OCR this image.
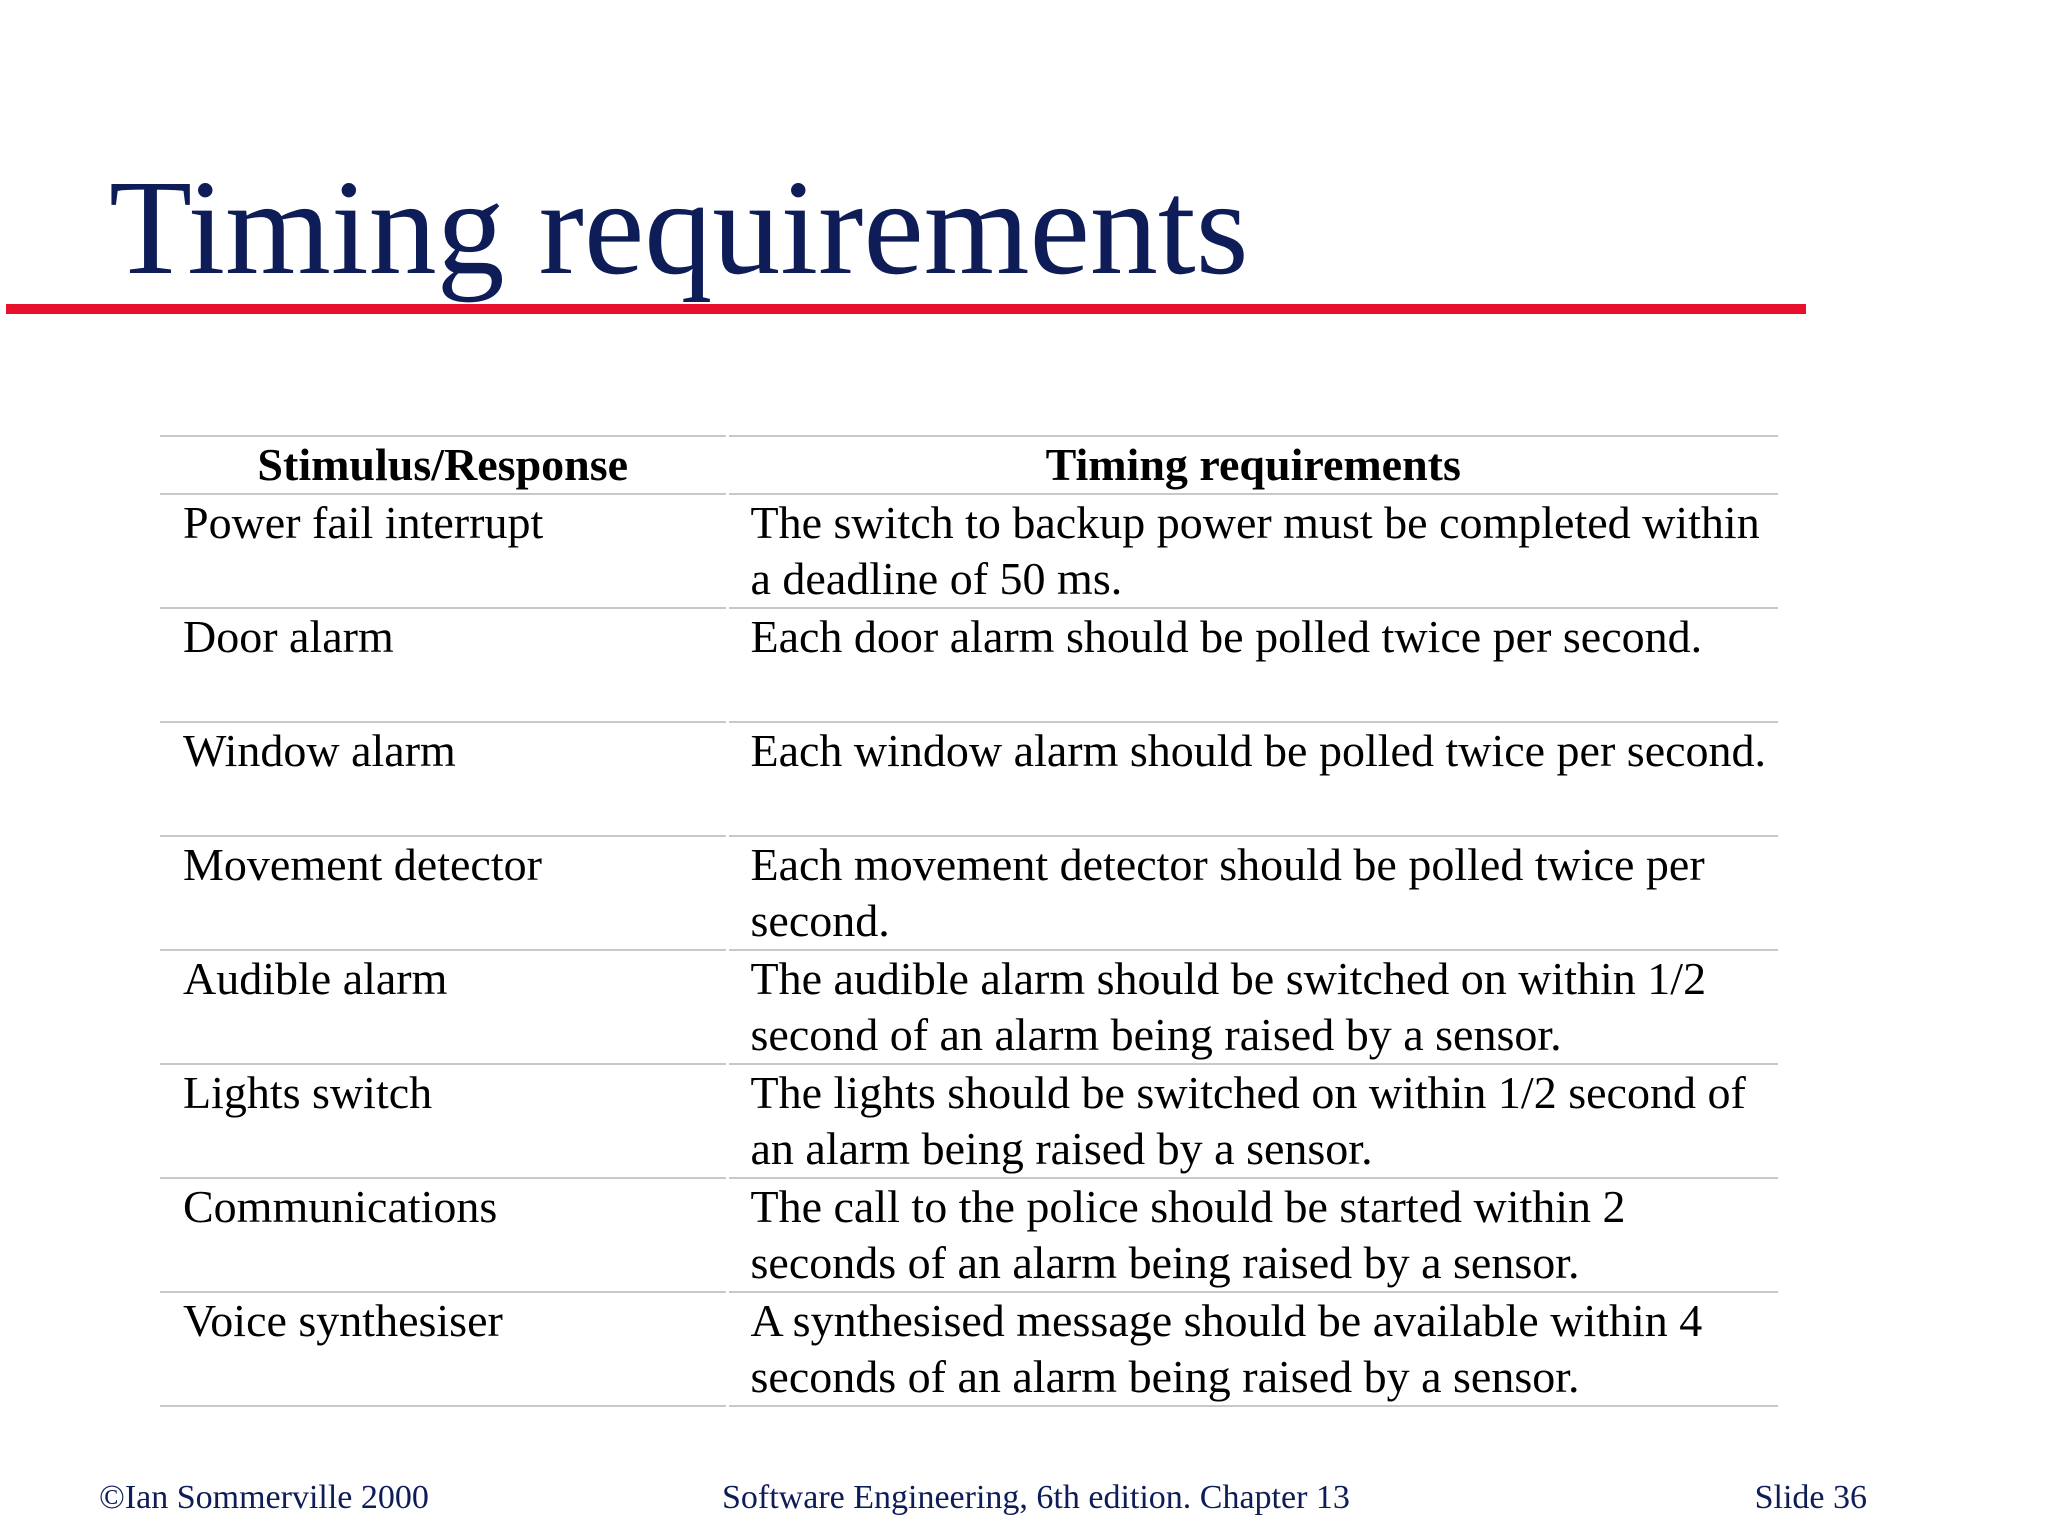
Timing requirements
Stimulus/Response	Timing requirements
Power fail interrupt	The switch to backup power must be completed within a deadline of 50 ms.
Door alarm	Each door alarm should be polled twice per second.
Window alarm	Each window alarm should be polled twice per second.
Movement detector	Each movement detector should be polled twice per second.
Audible alarm	The audible alarm should be switched on within 1/2 second of an alarm being raised by a sensor.
Lights switch	The lights should be switched on within 1/2 second of an alarm being raised by a sensor.
Communications	The call to the police should be started within 2 seconds of an alarm being raised by a sensor.
Voice synthesiser	A synthesised message should be available within 4 seconds of an alarm being raised by a sensor.
©Ian Sommerville 2000	Software Engineering, 6th edition. Chapter 13	Slide 36
